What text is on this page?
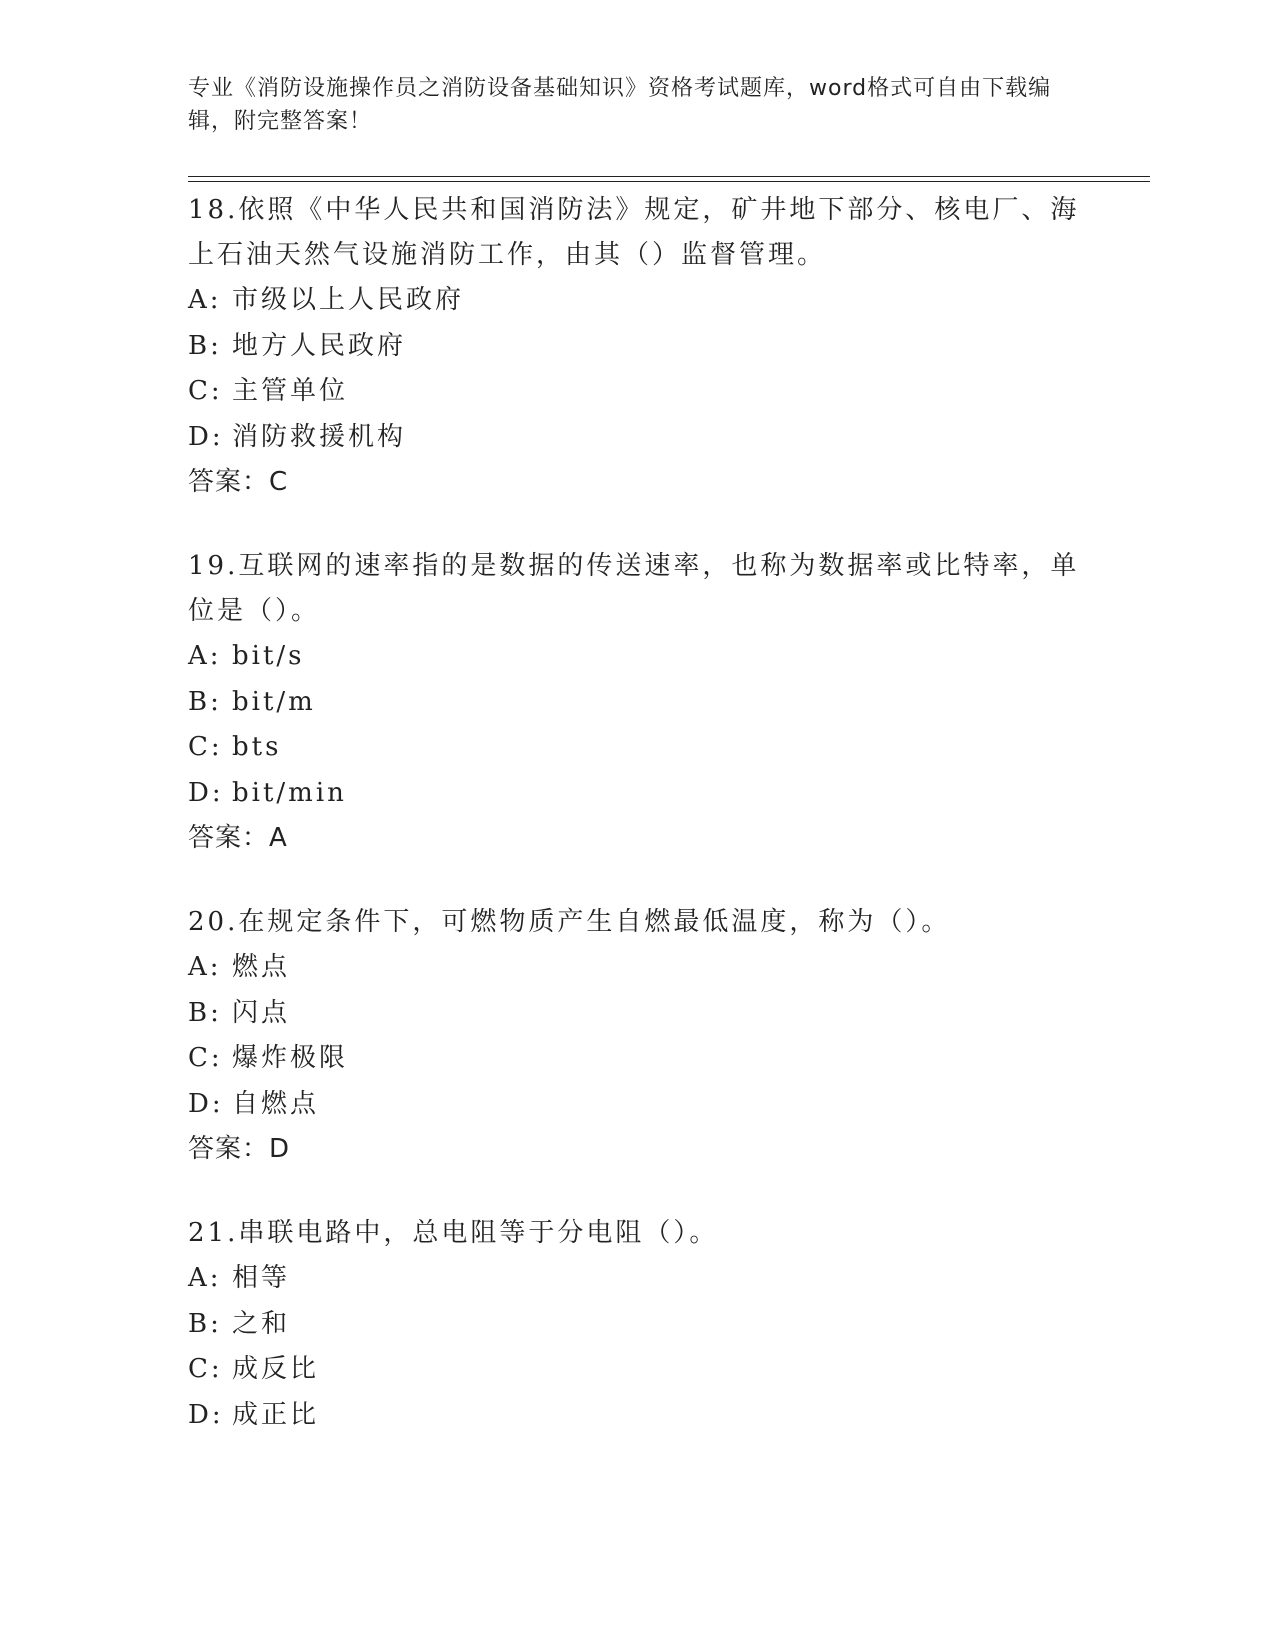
专业《消防设施操作员之消防设备基础知识》资格考试题库，word格式可自由下载编辑，附完整答案！
18.依照《中华人民共和国消防法》规定，矿井地下部分、核电厂、海上石油天然气设施消防工作，由其（）监督管理。
A: 市级以上人民政府
B: 地方人民政府
C: 主管单位
D: 消防救援机构
答案：C
19.互联网的速率指的是数据的传送速率，也称为数据率或比特率，单位是（）。
A: bit/s
B: bit/m
C: bts
D: bit/min
答案：A
20.在规定条件下，可燃物质产生自燃最低温度，称为（）。
A: 燃点
B: 闪点
C: 爆炸极限
D: 自燃点
答案：D
21.串联电路中，总电阻等于分电阻（）。
A: 相等
B: 之和
C: 成反比
D: 成正比
